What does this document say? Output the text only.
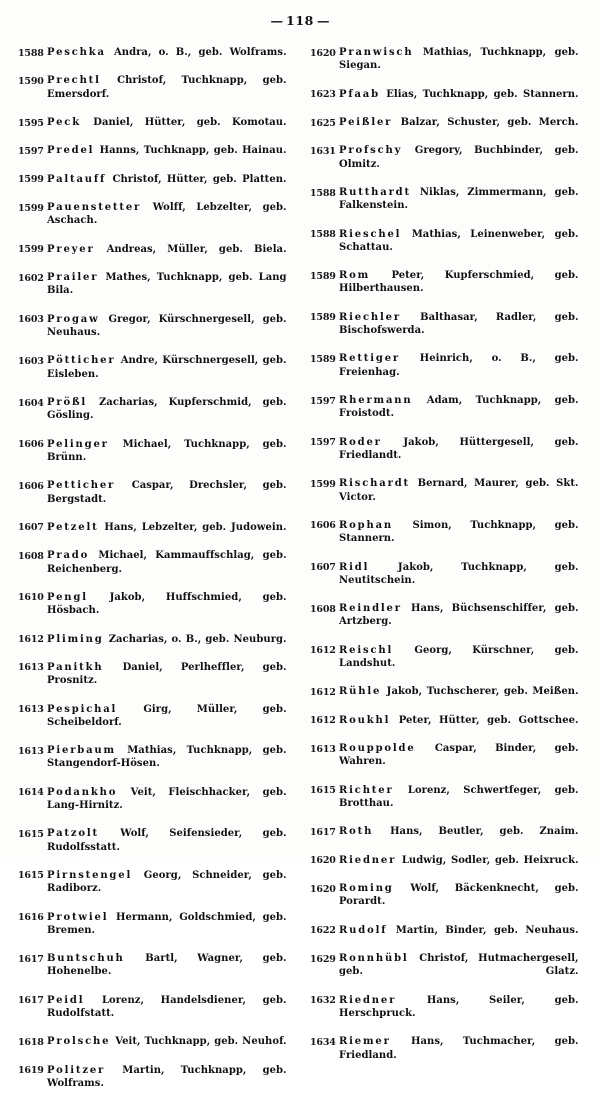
— 118 —
1588 Peschka Andra, o. B., geb. Wolframs.
1590 Prechtl Christof, Tuchknapp, geb. Emersdorf.
1595 Peck Daniel, Hütter, geb. Komotau.
1597 Predel Hanns, Tuchknapp, geb. Hainau.
1599 Paltauff Christof, Hütter, geb. Platten.
1599 Pauenstetter Wolff, Lebzelter, geb. Aschach.
1599 Preyer Andreas, Müller, geb. Biela.
1602 Prailer Mathes, Tuchknapp, geb. Lang Bila.
1603 Progaw Gregor, Kürschnergesell, geb. Neuhaus.
1603 Pötticher Andre, Kürschnergesell, geb. Eisleben.
1604 Prößl Zacharias, Kupferschmid, geb. Gösling.
1606 Pelinger Michael, Tuchknapp, geb. Brünn.
1606 Petticher Caspar, Drechsler, geb. Bergstadt.
1607 Petzelt Hans, Lebzelter, geb. Judowein.
1608 Prado Michael, Kammauffschlag, geb. Reichenberg.
1610 Pengl Jakob, Huffschmied, geb. Hösbach.
1612 Pliming Zacharias, o. B., geb. Neuburg.
1613 Panitkh Daniel, Perlheffler, geb. Prosnitz.
1613 Pespichal Girg, Müller, geb. Scheibeldorf.
1613 Pierbaum Mathias, Tuchknapp, geb. Stangendorf-Hösen.
1614 Podankho Veit, Fleischhacker, geb. Lang-Hirnitz.
1615 Patzolt Wolf, Seifensieder, geb. Rudolfsstatt.
1615 Pirnstengel Georg, Schneider, geb. Radiborz.
1616 Protwiel Hermann, Goldschmied, geb. Bremen.
1617 Buntschuh Bartl, Wagner, geb. Hohenelbe.
1617 Peidl Lorenz, Handelsdiener, geb. Rudolfstatt.
1618 Prolsche Veit, Tuchknapp, geb. Neuhof.
1619 Politzer Martin, Tuchknapp, geb. Wolframs.
1620 Pranwisch Mathias, Tuchknapp, geb. Siegan.
1623 Pfaab Elias, Tuchknapp, geb. Stannern.
1625 Peißler Balzar, Schuster, geb. Merch.
1631 Profschy Gregory, Buchbinder, geb. Olmitz.
1588 Rutthardt Niklas, Zimmermann, geb. Falkenstein.
1588 Rieschel Mathias, Leinenweber, geb. Schattau.
1589 Rom Peter, Kupferschmied, geb. Hilberthausen.
1589 Riechler Balthasar, Radler, geb. Bischofswerda.
1589 Rettiger Heinrich, o. B., geb. Freienhag.
1597 Rhermann Adam, Tuchknapp, geb. Froistodt.
1597 Roder Jakob, Hüttergesell, geb. Friedlandt.
1599 Rischardt Bernard, Maurer, geb. Skt. Victor.
1606 Rophan Simon, Tuchknapp, geb. Stannern.
1607 Ridl Jakob, Tuchknapp, geb. Neutitschein.
1608 Reindler Hans, Büchsenschiffer, geb. Artzberg.
1612 Reischl Georg, Kürschner, geb. Landshut.
1612 Rühle Jakob, Tuchscherer, geb. Meißen.
1612 Roukhl Peter, Hütter, geb. Gottschee.
1613 Rouppolde Caspar, Binder, geb. Wahren.
1615 Richter Lorenz, Schwertfeger, geb. Brotthau.
1617 Roth Hans, Beutler, geb. Znaim.
1620 Riedner Ludwig, Sodler, geb. Heixruck.
1620 Roming Wolf, Bäckenknecht, geb. Porardt.
1622 Rudolf Martin, Binder, geb. Neuhaus.
1629 Ronnhübl Christof, Hutmachergesell, geb. Glatz.
1632 Riedner Hans, Seiler, geb. Herschpruck.
1634 Riemer Hans, Tuchmacher, geb. Friedland.
